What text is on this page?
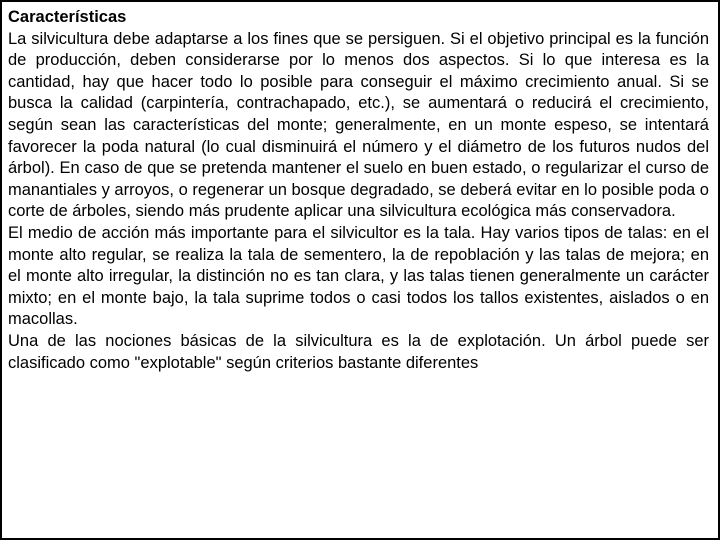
Características

La silvicultura debe adaptarse a los fines que se persiguen. Si el objetivo principal es la función de producción, deben considerarse por lo menos dos aspectos. Si lo que interesa es la cantidad, hay que hacer todo lo posible para conseguir el máximo crecimiento anual. Si se busca la calidad (carpintería, contrachapado, etc.), se aumentará o reducirá el crecimiento, según sean las características del monte; generalmente, en un monte espeso, se intentará favorecer la poda natural (lo cual disminuirá el número y el diámetro de los futuros nudos del árbol). En caso de que se pretenda mantener el suelo en buen estado, o regularizar el curso de manantiales y arroyos, o regenerar un bosque degradado, se deberá evitar en lo posible poda o corte de árboles, siendo más prudente aplicar una silvicultura ecológica más conservadora.

El medio de acción más importante para el silvicultor es la tala. Hay varios tipos de talas: en el monte alto regular, se realiza la tala de sementero, la de repoblación y las talas de mejora; en el monte alto irregular, la distinción no es tan clara, y las talas tienen generalmente un carácter mixto; en el monte bajo, la tala suprime todos o casi todos los tallos existentes, aislados o en macollas.

Una de las nociones básicas de la silvicultura es la de explotación. Un árbol puede ser clasificado como "explotable" según criterios bastante diferentes
